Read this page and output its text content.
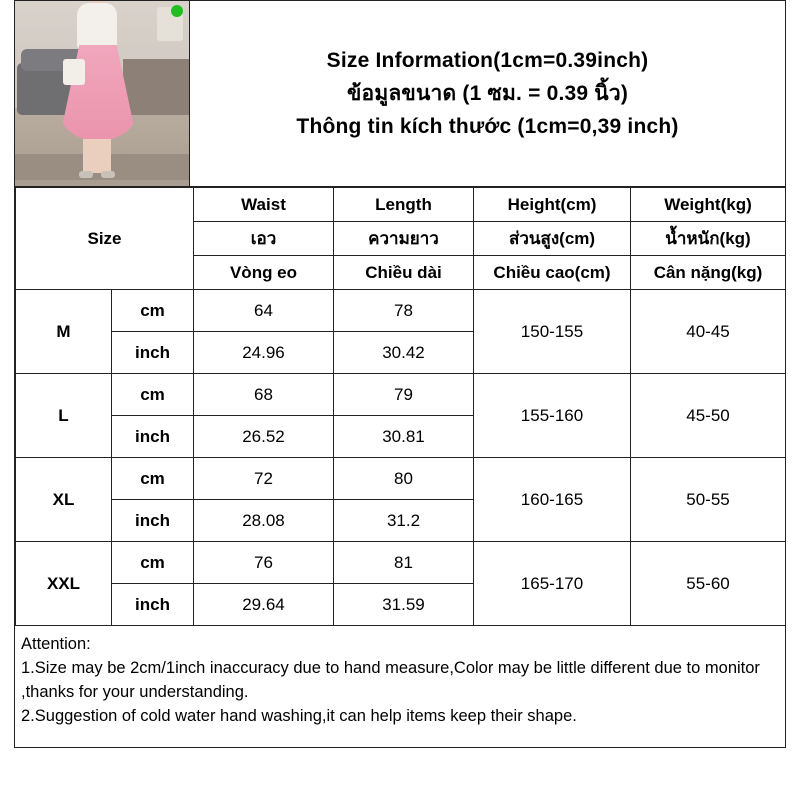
Size Information(1cm=0.39inch)
ข้อมูลขนาด (1 ซม. = 0.39 นิ้ว)
Thông tin kích thước (1cm=0,39 inch)
Size		Waist	Length	Height(cm)	Weight(kg)
		เอว	ความยาว	ส่วนสูง(cm)	น้ำหนัก(kg)
		Vòng eo	Chiều dài	Chiều cao(cm)	Cân nặng(kg)
M	cm	64	78	150-155	40-45
	inch	24.96	30.42		
L	cm	68	79	155-160	45-50
	inch	26.52	30.81		
XL	cm	72	80	160-165	50-55
	inch	28.08	31.2		
XXL	cm	76	81	165-170	55-60
	inch	29.64	31.59		
Attention:
1.Size may be 2cm/1inch inaccuracy due to hand measure,Color may be little different due to monitor ,thanks for your understanding.
2.Suggestion of cold water hand washing,it can help items keep their shape.
